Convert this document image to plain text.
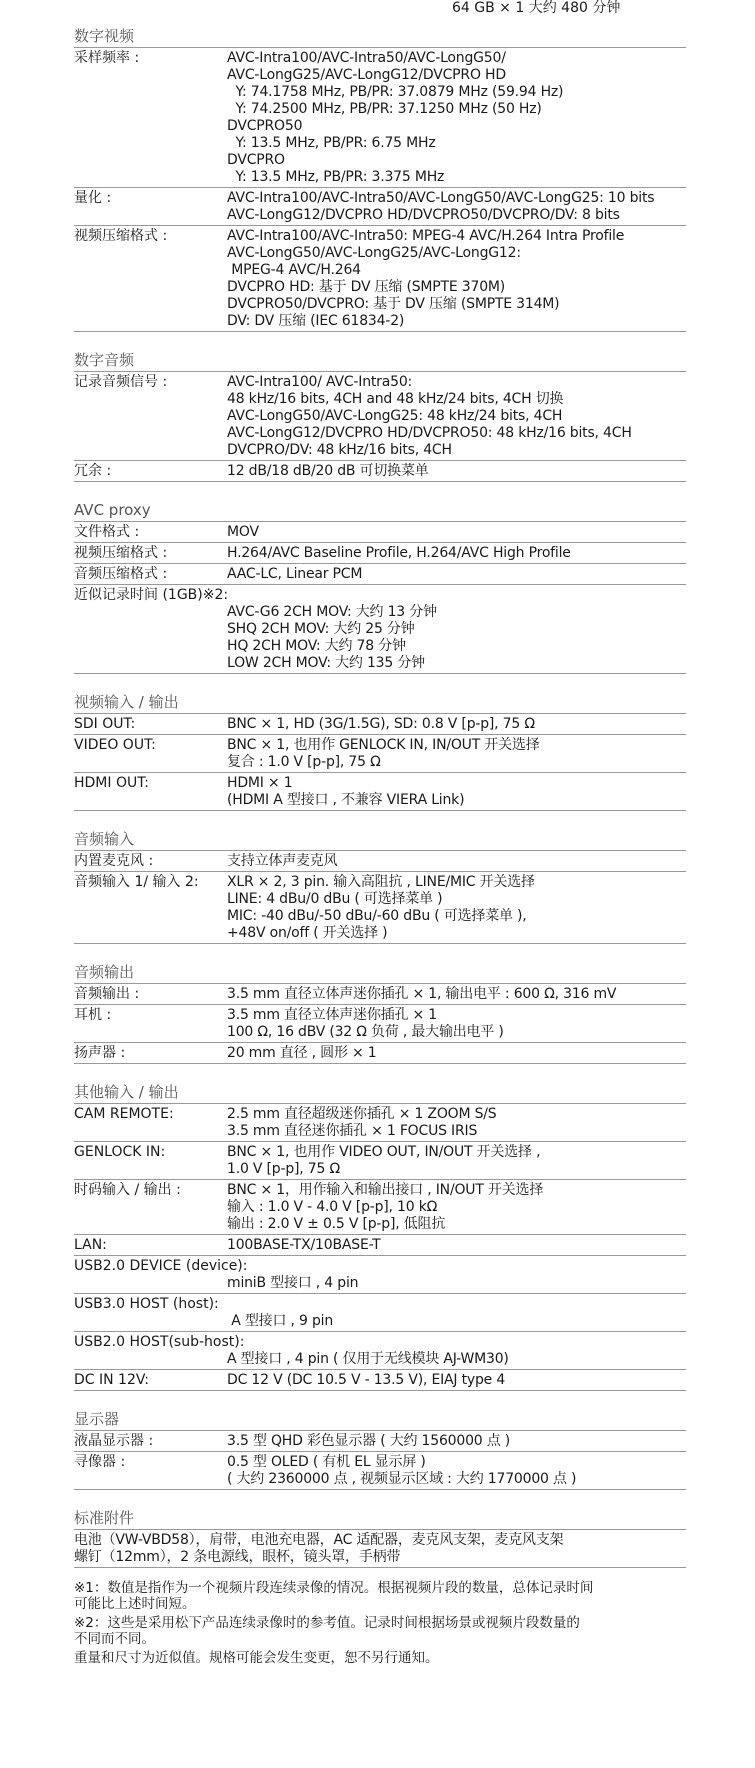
64 GB × 1 大约 480 分钟
数字视频
采样频率 :	AVC-Intra100/AVC-Intra50/AVC-LongG50/
AVC-LongG25/AVC-LongG12/DVCPRO HD
Y: 74.1758 MHz, PB/PR: 37.0879 MHz (59.94 Hz)
Y: 74.2500 MHz, PB/PR: 37.1250 MHz (50 Hz)
DVCPRO50
Y: 13.5 MHz, PB/PR: 6.75 MHz
DVCPRO
Y: 13.5 MHz, PB/PR: 3.375 MHz
量化 :	AVC-Intra100/AVC-Intra50/AVC-LongG50/AVC-LongG25: 10 bits
AVC-LongG12/DVCPRO HD/DVCPRO50/DVCPRO/DV: 8 bits
视频压缩格式 :	AVC-Intra100/AVC-Intra50: MPEG-4 AVC/H.264 Intra Profile
AVC-LongG50/AVC-LongG25/AVC-LongG12:
MPEG-4 AVC/H.264
DVCPRO HD: 基于 DV 压缩 (SMPTE 370M)
DVCPRO50/DVCPRO: 基于 DV 压缩 (SMPTE 314M)
DV: DV 压缩 (IEC 61834-2)
数字音频
记录音频信号 :	AVC-Intra100/ AVC-Intra50:
48 kHz/16 bits, 4CH and 48 kHz/24 bits, 4CH 切换
AVC-LongG50/AVC-LongG25: 48 kHz/24 bits, 4CH
AVC-LongG12/DVCPRO HD/DVCPRO50: 48 kHz/16 bits, 4CH
DVCPRO/DV: 48 kHz/16 bits, 4CH
冗余 :	12 dB/18 dB/20 dB 可切换菜单
AVC proxy
文件格式 :	MOV
视频压缩格式 :	H.264/AVC Baseline Profile, H.264/AVC High Profile
音频压缩格式 :	AAC-LC, Linear PCM
近似记录时间 (1GB)※2:
AVC-G6 2CH MOV: 大约 13 分钟
SHQ 2CH MOV: 大约 25 分钟
HQ 2CH MOV: 大约 78 分钟
LOW 2CH MOV: 大约 135 分钟
视频输入 / 输出
SDI OUT:	BNC × 1, HD (3G/1.5G), SD: 0.8 V [p-p], 75 Ω
VIDEO OUT:	BNC × 1, 也用作 GENLOCK IN, IN/OUT 开关选择
复合 : 1.0 V [p-p], 75 Ω
HDMI OUT:	HDMI × 1
(HDMI A 型接口 , 不兼容 VIERA Link)
音频输入
内置麦克风 :	支持立体声麦克风
音频输入 1/ 输入 2:	XLR × 2, 3 pin. 输入高阻抗 , LINE/MIC 开关选择
LINE: 4 dBu/0 dBu ( 可选择菜单 )
MIC: -40 dBu/-50 dBu/-60 dBu ( 可选择菜单 ),
+48V on/off ( 开关选择 )
音频输出
音频输出 :	3.5 mm 直径立体声迷你插孔 × 1, 输出电平 : 600 Ω, 316 mV
耳机 :	3.5 mm 直径立体声迷你插孔 × 1
100 Ω, 16 dBV (32 Ω 负荷 , 最大输出电平 )
扬声器 :	20 mm 直径 , 圆形 × 1
其他输入 / 输出
CAM REMOTE:	2.5 mm 直径超级迷你插孔 × 1 ZOOM S/S
3.5 mm 直径迷你插孔 × 1 FOCUS IRIS
GENLOCK IN:	BNC × 1, 也用作 VIDEO OUT, IN/OUT 开关选择 ,
1.0 V [p-p], 75 Ω
时码输入 / 输出 :	BNC × 1，用作输入和输出接口 , IN/OUT 开关选择
输入 : 1.0 V - 4.0 V [p-p], 10 kΩ
输出 : 2.0 V ± 0.5 V [p-p], 低阻抗
LAN:	100BASE-TX/10BASE-T
USB2.0 DEVICE (device):
miniB 型接口 , 4 pin
USB3.0 HOST (host):
A 型接口 , 9 pin
USB2.0 HOST(sub-host):
A 型接口 , 4 pin ( 仅用于无线模块 AJ-WM30)
DC IN 12V:	DC 12 V (DC 10.5 V - 13.5 V), EIAJ type 4
显示器
液晶显示器 :	3.5 型 QHD 彩色显示器 ( 大约 1560000 点 )
寻像器 :	0.5 型 OLED ( 有机 EL 显示屏 )
( 大约 2360000 点 , 视频显示区域 : 大约 1770000 点 )
标准附件
电池（VW-VBD58），肩带，电池充电器，AC 适配器，麦克风支架，麦克风支架
螺钉（12mm），2 条电源线，眼杯，镜头罩，手柄带
※1：数值是指作为一个视频片段连续录像的情况。根据视频片段的数量，总体记录时间
可能比上述时间短。
※2：这些是采用松下产品连续录像时的参考值。记录时间根据场景或视频片段数量的
不同而不同。
重量和尺寸为近似值。规格可能会发生变更，恕不另行通知。
